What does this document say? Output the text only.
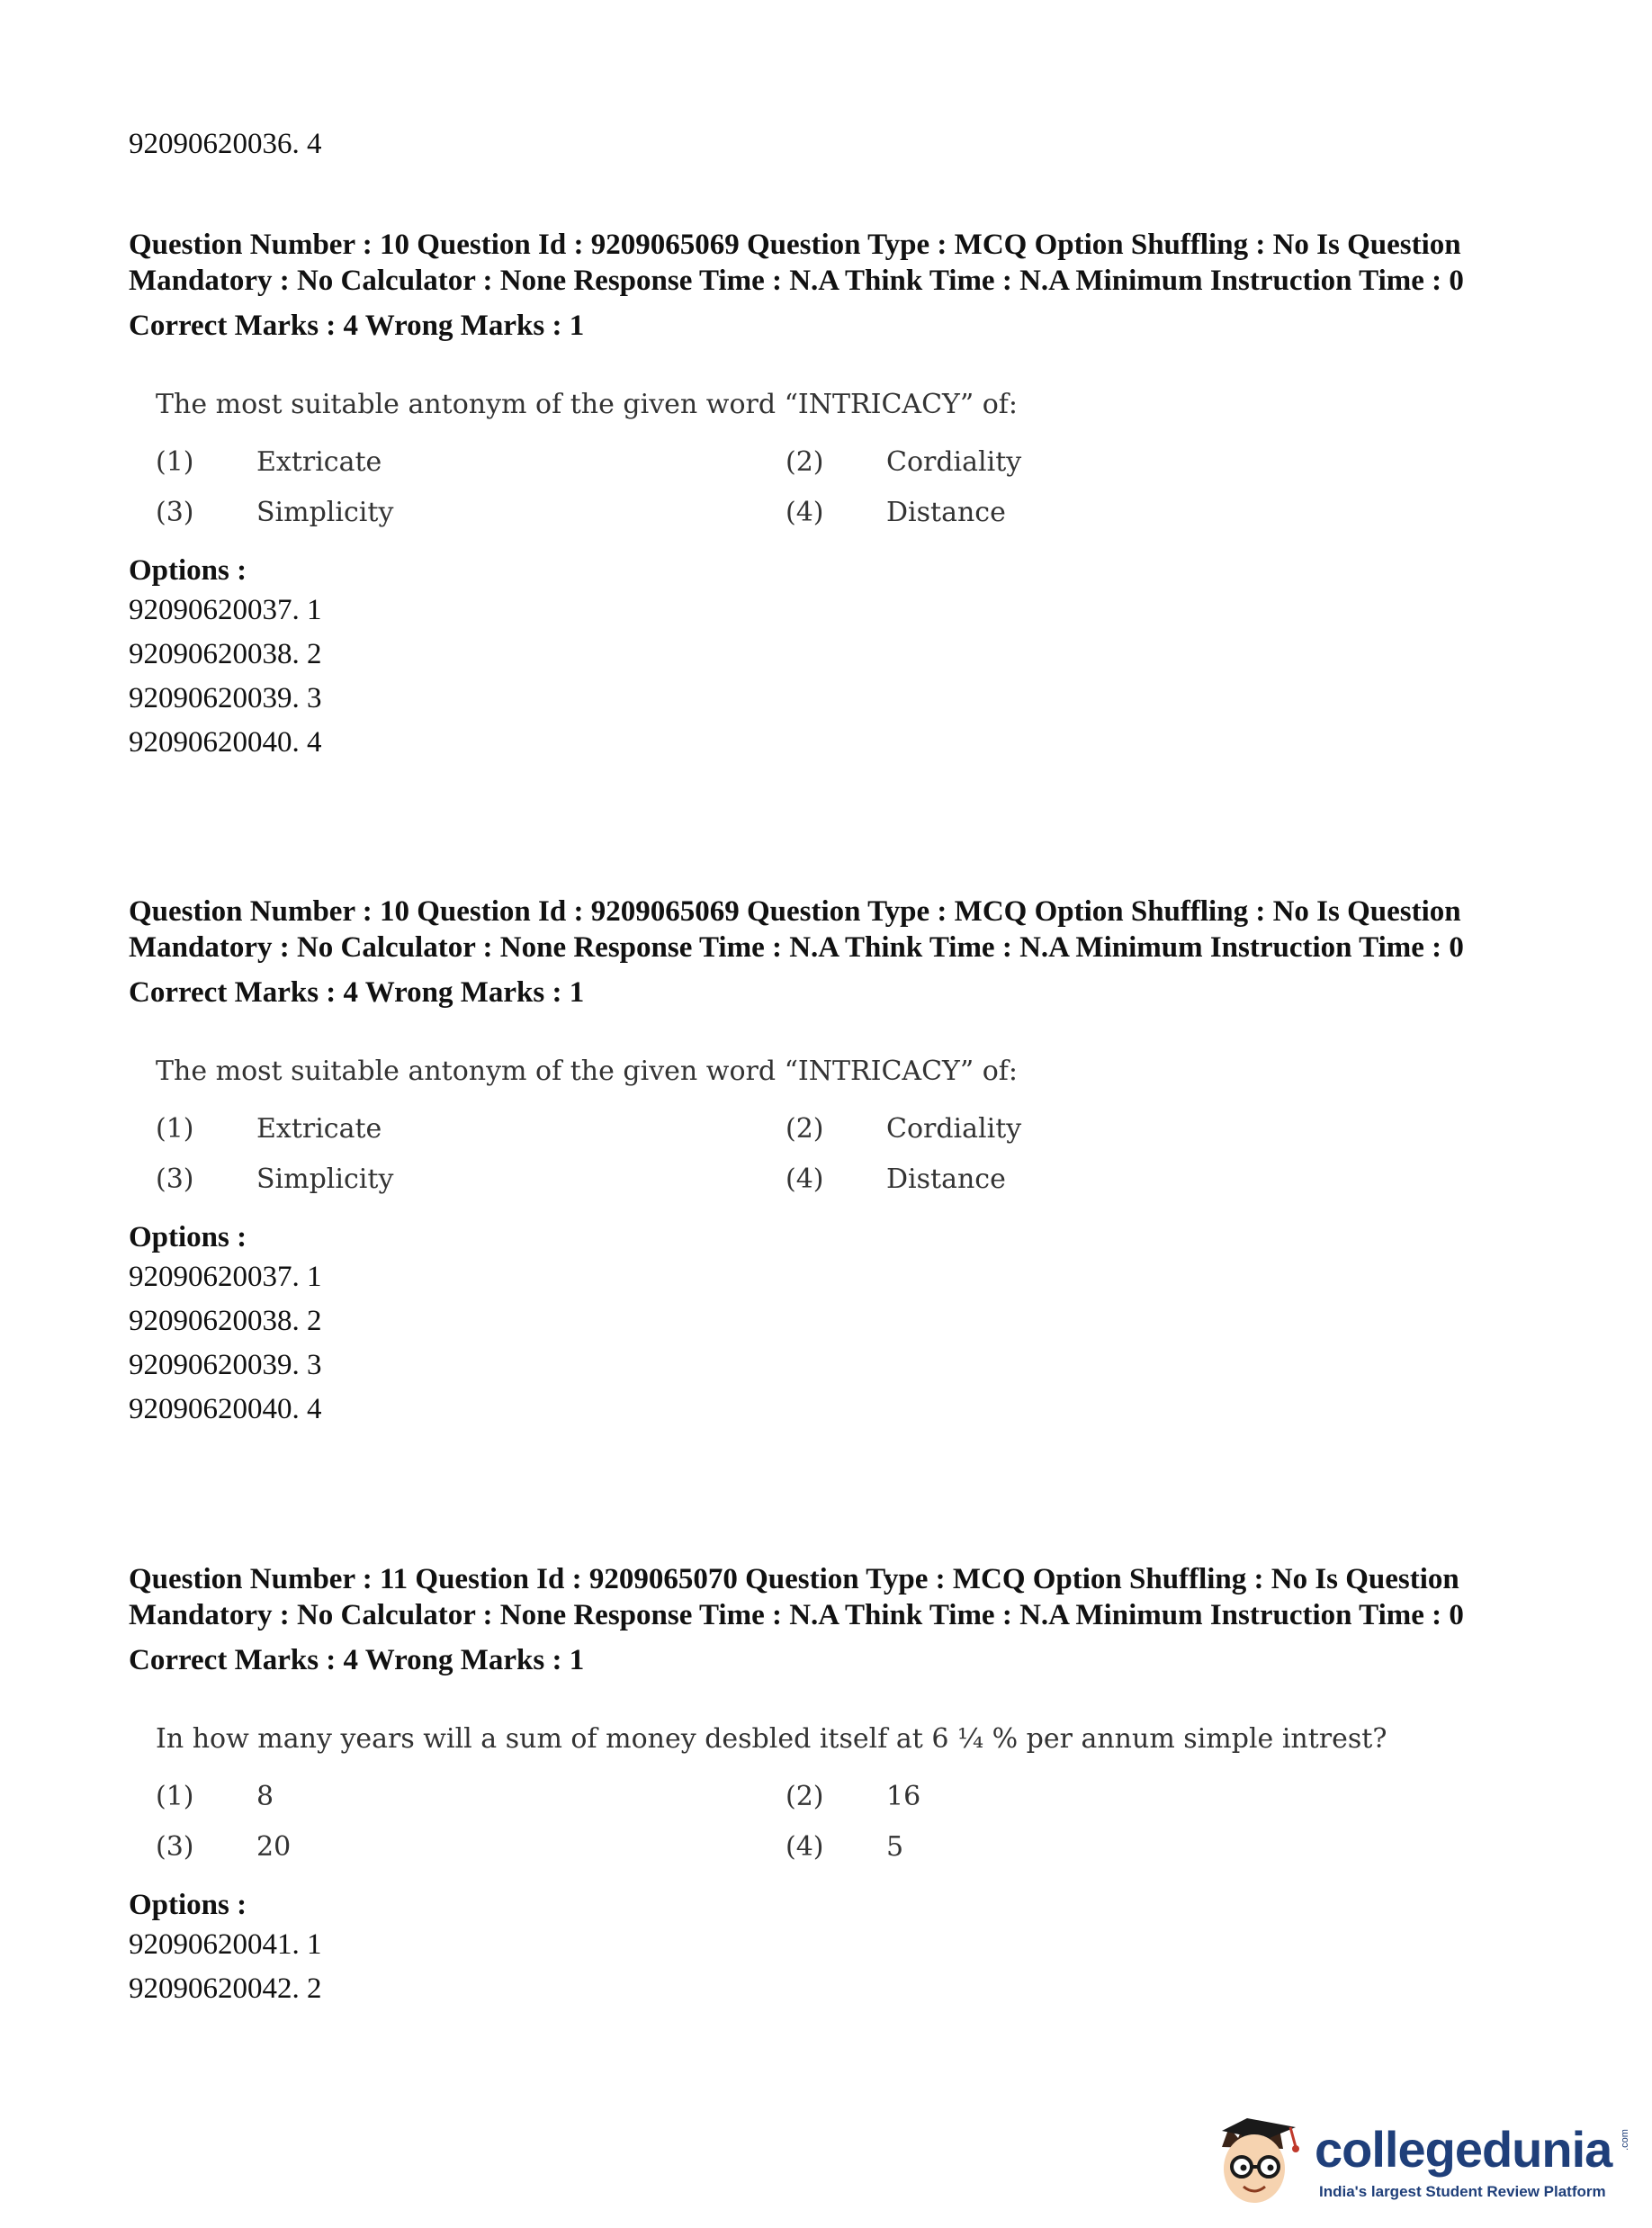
92090620036. 4
Question Number : 10 Question Id : 9209065069 Question Type : MCQ Option Shuffling : No Is Question Mandatory : No Calculator : None Response Time : N.A Think Time : N.A Minimum Instruction Time : 0
Correct Marks : 4 Wrong Marks : 1
The most suitable antonym of the given word “INTRICACY” of:
(1)	Extricate	(2)	Cordiality
(3)	Simplicity	(4)	Distance
Options :
92090620037. 1
92090620038. 2
92090620039. 3
92090620040. 4
Question Number : 10 Question Id : 9209065069 Question Type : MCQ Option Shuffling : No Is Question Mandatory : No Calculator : None Response Time : N.A Think Time : N.A Minimum Instruction Time : 0
Correct Marks : 4 Wrong Marks : 1
The most suitable antonym of the given word “INTRICACY” of:
(1)	Extricate	(2)	Cordiality
(3)	Simplicity	(4)	Distance
Options :
92090620037. 1
92090620038. 2
92090620039. 3
92090620040. 4
Question Number : 11 Question Id : 9209065070 Question Type : MCQ Option Shuffling : No Is Question Mandatory : No Calculator : None Response Time : N.A Think Time : N.A Minimum Instruction Time : 0
Correct Marks : 4 Wrong Marks : 1
In how many years will a sum of money desbled itself at 6 ¼ % per annum simple intrest?
(1)	8	(2)	16
(3)	20	(4)	5
Options :
92090620041. 1
92090620042. 2
collegedunia .com
India's largest Student Review Platform
